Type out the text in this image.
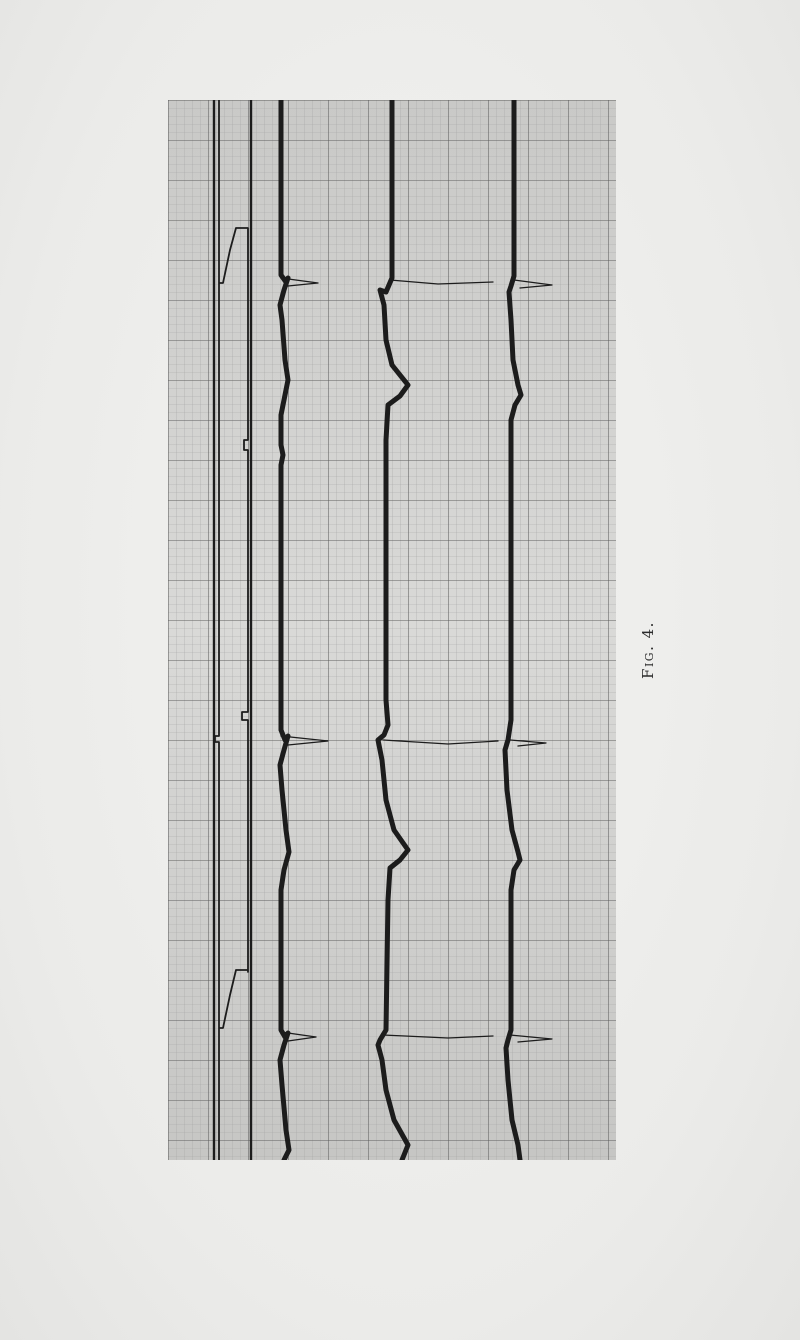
Fig. 4.
